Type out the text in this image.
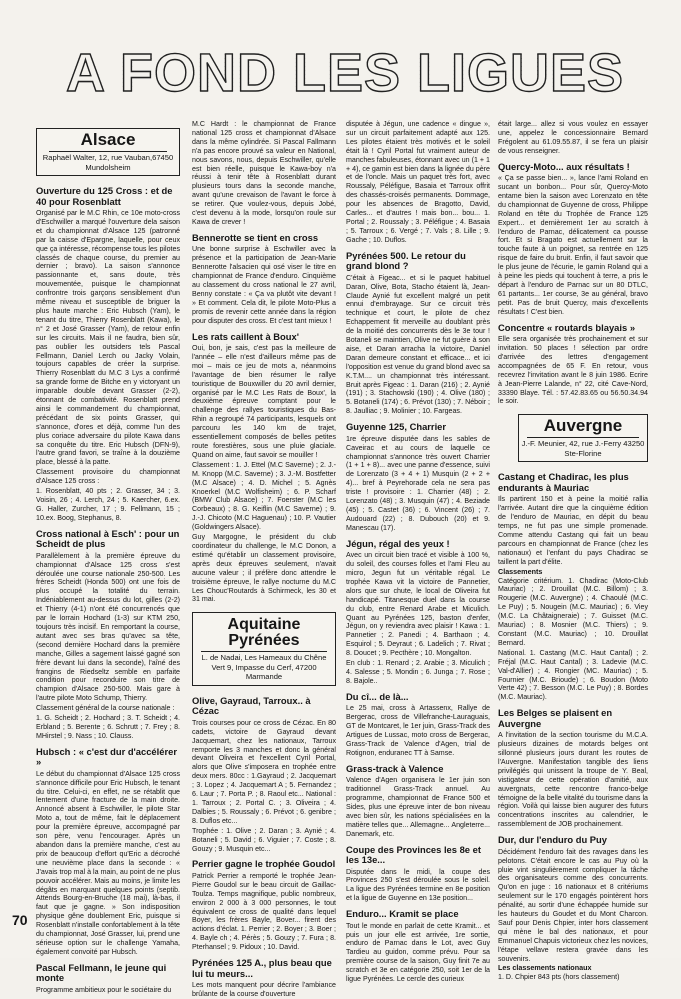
A FOND LES LIGUES
Alsace
Raphaël Walter, 12, rue Vauban,67450 Mundolsheim
Ouverture du 125 Cross : et de 40 pour Rosenblatt

Organisé par le M.C Rhin, ce 10e moto-cross d'Eschwiller a marqué l'ouverture dela saison et du championnat d'Alsace 125 (patronné par la caisse d'Epargne, laquelle, pour ceux que ça intéresse, récompense tous les pilotes classés de chaque course, du premier au dernier ; bravo). La saison s'annonce passionnante et, sans doute, très mouvementée, puisque le championnat confrontre trois garçons sensiblement d'un même niveau et susceptible de briguer la plus haute marche : Eric Hubsch (Yam), le tenant du titre, Thierry Rosenblatt (Kawa), le n° 2 et José Grasser (Yam), de retour enfin sur les circuits. Mais il ne faudra, bien sûr, pas oublier les outsiders tels Pascal Fellmann, Daniel Lerch ou Jacky Volain, toujours capables de créer la surprise. Thierry Rosenblatt du M.C 3 Lys a confirmé sa grande forme de Bitche en y victoryant un imparable double devant Grasser (2-2), étonnant de combativité. Rosenblatt prend ainsi le commandement du championnat, précédant de six points Grasser, qui s'annonce, d'ores et déjà, comme l'un des plus coriace adversaire du pilote Kawa dans sa conquête du titre. Eric Hubsch (DFN-9), l'autre grand favori, se traîne à la douzième place, blessé à la patte.

Classement provisoire du championnat d'Alsace 125 cross :

1. Rosenblatt, 40 pts ; 2. Grasser, 34 ; 3. Voisin, 26 ; 4. Lerch, 24 ; 5. Kaercher, 6.ex. G. Haller, Zurcher, 17 ; 9. Fellmann, 15 ; 10.ex. Boog, Stephanus, 8.

Cross national à Esch' : pour un Scheidt de plus

Parallèlement à la première épreuve du championnat d'Alsace 125 cross s'est déroulée une course nationale 250-500. Les frères Scheidt (Honda 500) ont une fois de plus occupé la totalité du terrain. Indéniablement au-dessus du lot, gilles (2-2) et Thierry (4-1) n'ont été concurrencés que par le lorrain Hochard (1-3) sur KTM 250, toujours très incisif. En remportant la course, autant avec ses bras qu'avec sa tête, (second dernière Hochard dans la première manche, Gilles a sagement laissé gagné son frère devant lui dans la seconde), l'aîné des frangins de Riedseltz semble en parfaite condition pour reconduire son titre de champion d'Alsace 250-500. Mais gare à l'autre pilote Moto Schump, Thierry.

Classement général de la course nationale :

1. G. Scheidt ; 2. Hochard ; 3. T. Scheidt ; 4. Erbland ; 5. Berente ; 6. Schrutt ; 7. Frey ; 8. MHirstel ; 9. Nass ; 10. Clauss.

Hubsch : « c'est dur d'accélérer »

Le début du championnat d'Alsace 125 cross s'annonce difficile pour Eric Hubsch, le tenant du titre. Celui-ci, en effet, ne se rétablit que lentement d'une fracture de la main droite. Annoncé absent à Eschwiller, le pilote Star Moto a, tout de même, fait le déplacement pour la première épreuve, accompagné par son père, venu l'encourager. Après un abandon dans la première manche, c'est au prix de beaucoup d'effort qu'Eric a décroché une neuvième place dans la seconde : « J'avais trop mal à la main, au point de ne plus pouvoir accélérer. Mais au moins, je limite les dégâts en marquant quelques points (septib. Attends Bourg-en-Bruche (18 mai), là-bas, il faut que je gagne. » Son indisposition physique gêne doublement Eric, puisque si Rosenblatt n'installe confortablement à la tête du championnat, José Grasser, lui, prend une sérieuse option sur le challenge Yamaha, également convoité par Hubsch.

Pascal Fellmann, le jeune qui monte

Programme ambitieux pour le sociétaire du

M.C Hardt : le championnat de France national 125 cross et championnat d'Alsace dans la même cylindrée. Si Pascal Fallmann n'a pas encore prouvé sa valeur en National, nous savons, nous, depuis Eschwiller, qu'elle est bien réelle, puisque le Kawa-boy n'a réussi à tenir tête à Rosenblatt durant plusieurs tours dans la seconde manche, avant qu'une crevaison de l'avant le force à se retirer. Que voulez-vous, depuis Jobé, c'est devenu à la mode, lorsqu'on roule sur Kawa de crever !

Bennerotte se tient en cross

Une bonne surprise à Eschwiller avec la présence et la participation de Jean-Marie Bennerotte l'alsacien qui osé viser le titre en championnat de France d'enduro. Cinquième au classement du cross national le 27 avril, Benny constate : « Ça va plutôt vite devant ! » Et comment. Cela dit, le pilote Moto-Plus a promis de revenir cette année dans la région pour disputer des cross. Et c'est tant mieux !

Les rats caillent à Boux'

Oui, bon, je sais, c'est pas la meilleure de l'année – elle n'est d'ailleurs même pas de moi – mais ce jeu de mots a, néanmoins l'avantage de bien résumer le rallye touristique de Bouxwiller du 20 avril dernier, organisé par le M.C Les Rats de Boux', la deuxième épreuve comptant pour le challenge des rallyes touristiques du Bas-Rhin a regroupé 74 participants, lesquels ont parcouru les 140 km de trajet, essentiellement composés de belles petites route forestières, sous une pluie glaciale. Quand on aime, faut savoir se mouiller !

Classement : 1. J. Ettel (M.C Saverne) ; 2. J.-M. Knopp (M.C. Saverne) ; 3. J.-M. Bostfetter (M.C Alsace) ; 4. D. Michel ; 5. Agnès Knoerkel (M.C Wolfisheim) ; 6. P. Scharf (BMW Club Alsace) ; 7. Foerster (M.C les Corbeaux) ; 8. G. Keiflin (M.C Saverne) ; 9. J.-J. Chicoto (M.C Haguenau) ; 10. P. Vautier (Goldwingers Alsace).

Guy Margogne, le président du club coordinateur du challenge, le M.C Donon, a estimé qu'établir un classement provisoire, après deux épreuves seulement, n'avait aucune valeur ; il préfère donc attendre le troisième épreuve, le rallye nocturne du M.C Les Chouc'Routards à Schirmeck, les 30 et 31 mai.

Aquitaine
Pyrénées
L. de Nadai, Les Hameaux du Chêne Vert 9, Impasse du Cerf, 47200 Marmande
Olive, Gayraud, Tarroux.. à Cézac

Trois courses pour ce cross de Cézac. En 80 cadets, victoire de Gayraud devant Jacquemart, chez les nationaux, Tarroux remporte les 3 manches et donc la général devant Oliveira et l'excellent Cyril Portal, alors que Olive s'imposera en trophée entre deux mers. 80cc : 1.Gayraud ; 2. Jacquemart ; 3. Lopez ; 4. Jacquemart A ; 5. Fernandez ; 6. Laur ; 7. Porta P. ; 8. Raoul etc... National : 1. Tarroux ; 2. Portal C. ; 3. Oliveira ; 4. Dalbies ; 5. Roussaly ; 6. Prévot ; 6. genibre ; 8. Duflos etc...

Trophée : 1. Olive ; 2. Daran ; 3. Aynié ; 4. Botaneli ; 5. David ; 6. Viguier ; 7. Coste ; 8. Gouzy ; 9. Musquin etc...

Perrier gagne le trophée Goudol

Patrick Perrier a remporté le trophée Jean-Pierre Goudol sur le beau circuit de Gaillac-Toulza. Temps magnifique, public nombreux, environ 2 000 à 3 000 personnes, le tout équivalent ce cross de qualité dans lequel Boyer, les frères Bayle, Bover... firent des actions d'éclat. 1. Perrier ; 2. Boyer ; 3. Boer ; 4. Bayle ch ; 4. Pérès ; 5. Gouzy ; 7. Fura ; 8. Pterhansel ; 9. Pidoux ; 10. David.

Pyrénées 125 A., plus beau que lui tu meurs...

Les mots manquent pour décrire l'ambiance brûlante de la course d'ouverture

disputée à Jégun, une cadence « dingue », sur un circuit parfaitement adapté aux 125. Les pilotes étaient très motivés et le soleil était là ! Cyril Portal fut vraiment auteur de manches fabuleuses, étonnant avec un (1 + 1 + 4), ce gamin est bien dans la lignée du père et de l'oncle. Mais un paquet très fort, avec Roussaly, Péléfigue, Basaia et Tarroux offrit des chassés-croisés permanents. Dommage, pour les absences de Bragotto, David, Carles... et d'autres ! mais bon... bou... 1. Portal ; 2. Roussaly ; 3. Péléfigue ; 4. Basaia ; 5. Tarroux ; 6. Vergé ; 7. Vals ; 8. Lille ; 9. Gache ; 10. Duflos.

Pyrénées 500. Le retour du grand blond ?

C'était à Figeac... et si le paquet habituel Daran, Olive, Bota, Stacho étaient là, Jean-Claude Aynié fut excellent malgré un petit ennui d'embrayage. Sur ce circuit très technique et court, le pilote de chez Echappement fit merveille au doublant près de la moitié des concurrents dès le 3e tour ! Botaneli se maintien, Olive ne fut guère à son aise, et Daran arracha la victoire, Daniel Daran demeure constant et efficace... et ici l'opposition est venue du grand blond avec sa K.T.M.... un championnat très intéressant. Bruit après Figeac : 1. Daran (216) ; 2. Aynié (191) ; 3. Stachowski (190) ; 4. Olive (180) ; 5. Botaneli (174) ; 6. Prévot (130) ; 7. Néboir ; 8. Jaulliac ; 9. Molinier ; 10. Fargeas.

Guyenne 125, Charrier

1re épreuve disputée dans les sables de Caveirac et au cours de laquelle ce championnat s'annonce très ouvert Charrier (1 + 1 + 8)... avec une panne d'essence, suivi de Lorenzato (3 + 4 + 1) Musquin (2 + 2 + 4)... bref à Peyrehorade cela ne sera pas triste ! provisoire : 1. Charrier (48) ; 2. Lorenzato (48) ; 3. Musquin (47) ; 4. Beziade (45) ; 5. Castet (36) ; 6. Vincent (26) ; 7. Audouard (22) ; 8. Dubouch (20) et 9. Manescau (17).

Jégun, régal des yeux !

Avec un circuit bien tracé et visible à 100 %, du soleil, des courses folles et l'ami Fleu au micro, Jegun fut un véritable régal. Le trophée Kawa vit la victoire de Pannetier, alors que sur chute, le local de Oliveira fut handicapé. Titanesque duel dans la course du club, entre Renard Arabe et Miculich. Quant au Pyrénées 125, baston d'enfer, Jégun, on y reviendra avec plaisir ! Kawa : 1. Pannetier ; 2. Panedi ; 4. Barthaon ; 4. Esquirol ; 5. Deyraut ; 6. Ladelich ; 7. Rivat ; 8. Doucet ; 9. Pecthère ; 10. Mongalton.

En club : 1. Renard ; 2. Arabie ; 3. Miculich ; 4. Salesse ; 5. Mondin ; 6. Junga ; 7. Rose ; 8. Bajole..

Du cî... de là...

Le 25 mai, cross à Artassenx, Rallye de Bergerac, cross de Villefranche-Lauraguais, GT de Montcaret, le 1er juin, Grass-Track des Artigues de Lussac, moto cross de Bergerac, Grass-Track de Valence d'Agen, trial de Rotignon, enduranec TT à Samse.

Grass-track à Valence

Valence d'Agen organisera le 1er juin son traditionnel Grass-Track annuel. Au programme, championnat de France 500 et Sides, plus une épreuve inter de bon niveau avec bien sûr, les nations spécialisées en la matière telles que... Allemagne... Angleterre... Danemark, etc.

Coupe des Provinces les 8e et les 13e...

Disputée dans le midi, la coupe des Provinces 250 s'est déroulée sous le soleil. La ligue des Pyrénées termine en 8e position et la ligue de Guyenne en 13e position...

Enduro... Kramit se place

Tout le monde en parlait de cette Kramit... et puis un jour elle est arrivée, 1re sortie, enduro de Parnac dans le Lot, avec Guy Tardieu au guidon, comme prévu. Pour sa première course de la saison, Guy finit 7e au scratch et 3e en catégorie 250, soit 1er de la ligue Pyrénées. Le cercle des curieux

était large... allez si vous voulez en essayer une, appelez le concessionnaire Bernard Frégolent au 61.09.55.87, il se fera un plaisir de vous renseigner.

Quercy-Moto... aux résultats !

« Ça se passe bien... », lance l'ami Roland en sucant un bonbon... Pour sûr, Quercy-Moto entame bien la saison avec Lorenzato en tête du championnat de Guyenne de cross, Philippe Roland en tête du Trophée de France 125 Expert... et dernièrement 1er au scratch à l'enduro de Parnac, délicatement ca pousse fort. Et si Bragato est actuellement sur la touche faute à un poignet, sa rentrée en 125 risque de faire du bruit. Enfin, il faut savoir que le plus jeune de l'écurie, le gamin Roland qui a à peine les pieds qui touchent à terre, a pris le départ à l'enduro de Parnac sur un 80 DTLC, 61 partants... 1er course, 3e au général, bravo petit. Pas de bruit Quercy, mais d'excellents résultats ! C'est bien.

Concentre « routards blayais »

Elle sera organisée très prochainement et sur invitation. 50 places ! sélection par ordre d'arrivée des lettres d'engagement accompagnées de 65 F. En retour, vous recevrez l'invitation avant le 8 juin 1986. Ecrire à Jean-Pierre Lalande, n° 22, cité Cave-Nord, 33390 Blaye. Tél. : 57.42.83.65 ou 56.50.34.94 le soir.

Auvergne
J.-F. Meunier, 42, rue J.-Ferry 43250 Ste-Florine
Castang et Chadirac, les plus endurants à Mauriac

Ils partirent 150 et à peine la moitié rallia l'arrivée. Autant dire que la cinquième édition de l'enduro de Mauriac, en dépit du beau temps, ne fut pas une simple promenade. Comme attendu Castang qui fait un beau parcours en championnat de France (chez les nationaux) et l'enfant du pays Chadirac se taillent la part d'élite.

Classements

Catégorie critérium. 1. Chadirac (Moto-Club Mauriac) ; 2. Drouillat (M.C. Billom) ; 3. Rougerie (M.C. Auvergne) ; 4. Chaoulé (M.C. Le Puy) ; 5. Nougein (M.C. Mauriac) ; 6. Viey (M.C. La Châtaigneraie) ; 7. Guisset (M.C. Mauriac) ; 8. Mosnier (M.C. Thiers) ; 9. Constant (M.C. Mauriac) ; 10. Drouillat Bernard.

National. 1. Castang (M.C. Haut Cantal) ; 2. Fréjal (M.C. Haut Cantal) ; 3. Ladevie (M.C. Val-d'Allier) ; 4. Rongier (MC. Mauriac) ; 5. Fournier (M.C. Brioude) ; 6. Boudon (Moto Verte 42) ; 7. Besson (M.C. Le Puy) ; 8. Bordes (M.C. Mauriac).

Les Belges se plaisent en Auvergne

A l'invitation de la section tourisme du M.C.A. plusieurs dizaines de motards belges ont sillonné plusieurs jours durant les routes de l'Auvergne. Manifestation tangible des liens privilégiés qui unissent la troupe de Y. Beal, vistigateur de cette opération d'amitié, aux auvergnats, cette rencontre franco-belge témoigne de la belle vitalité du tourisme dans la région. Voilà qui laisse bien augurer des futurs concentrations inscrites au calendrier, le rassemblement de JOB prochainement.

Dur, dur l'enduro du Puy

Décidément l'enduro fait des ravages dans les pelotons. C'était encore le cas au Puy où la pluie vint singulièrement compliquer la tâche des organisateurs comme des concurrents. Qu'on en juge : 16 nationaux et 8 critériums seulement sur le 170 engagés pointèrent hors pénalité, au sortir d'une échappée humide sur les hauteurs du Goudet et du Mont Charcon. Sauf pour Denis Chpier, inter hors classement qui mène le bal des nationaux, et pour Emmanuel Chapuis victorieux chez les novices, l'étape vellave restera gravée dans les souvenirs.

Les classements nationaux

1. D. Chpier 843 pts (hors classement)

70
